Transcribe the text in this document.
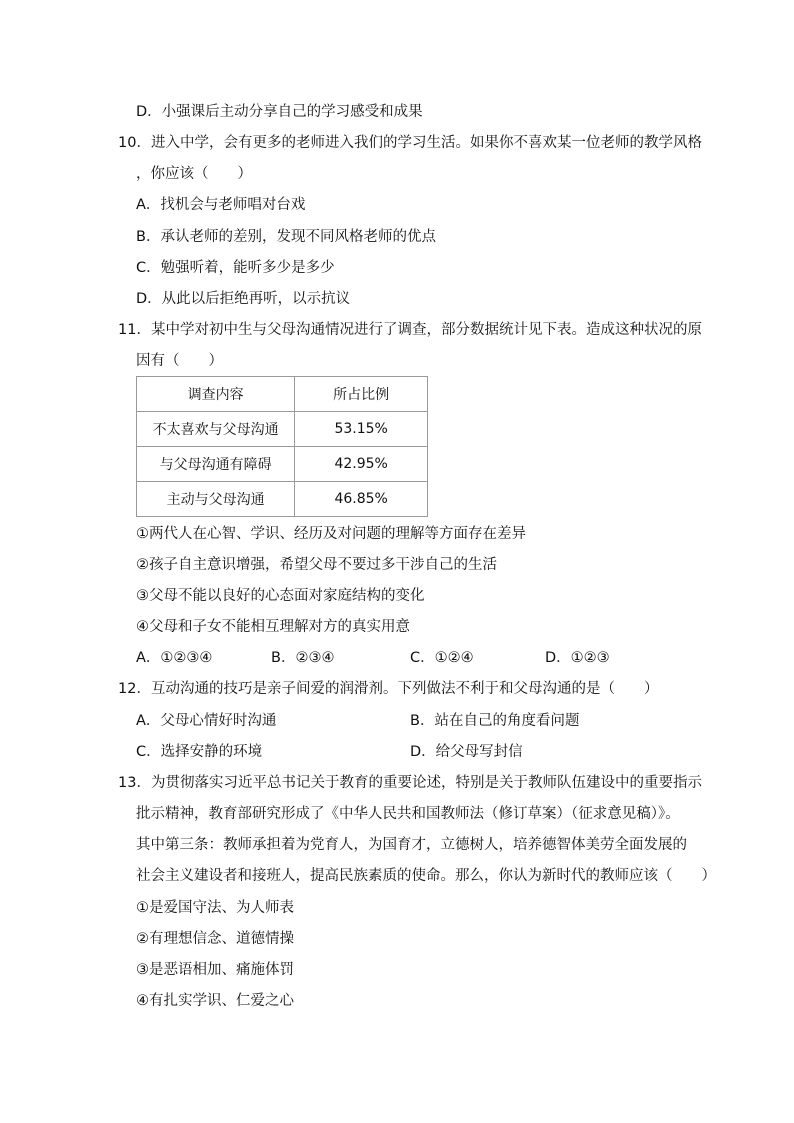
D．小强课后主动分享自己的学习感受和成果
10．进入中学，会有更多的老师进入我们的学习生活。如果你不喜欢某一位老师的教学风格
，你应该（　　）
A．找机会与老师唱对台戏
B．承认老师的差别，发现不同风格老师的优点
C．勉强听着，能听多少是多少
D．从此以后拒绝再听，以示抗议
11．某中学对初中生与父母沟通情况进行了调查，部分数据统计见下表。造成这种状况的原
因有（　　）
调查内容	所占比例
不太喜欢与父母沟通	53.15%
与父母沟通有障碍	42.95%
主动与父母沟通	46.85%
①两代人在心智、学识、经历及对问题的理解等方面存在差异
②孩子自主意识增强，希望父母不要过多干涉自己的生活
③父母不能以良好的心态面对家庭结构的变化
④父母和子女不能相互理解对方的真实用意
A．①②③④	B．②③④	C．①②④	D．①②③
12．互动沟通的技巧是亲子间爱的润滑剂。下列做法不利于和父母沟通的是（　　）
A．父母心情好时沟通	B．站在自己的角度看问题
C．选择安静的环境	D．给父母写封信
13．为贯彻落实习近平总书记关于教育的重要论述，特别是关于教师队伍建设中的重要指示
批示精神，教育部研究形成了《中华人民共和国教师法（修订草案）（征求意见稿）》。
其中第三条：教师承担着为党育人，为国育才，立德树人，培养德智体美劳全面发展的
社会主义建设者和接班人，提高民族素质的使命。那么，你认为新时代的教师应该（　　）
①是爱国守法、为人师表
②有理想信念、道德情操
③是恶语相加、痛施体罚
④有扎实学识、仁爱之心
